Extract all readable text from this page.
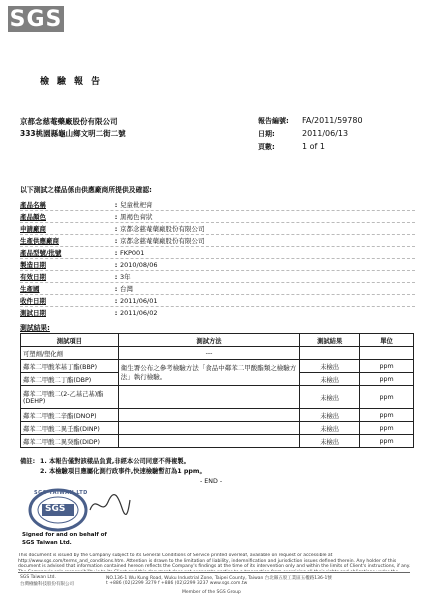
SGS
檢驗報告
京都念慈菴藥廠股份有限公司
333桃園縣龜山鄉文明二街二號
報告編號:	FA/2011/59780
日期:	2011/06/13
頁數:	1 of 1
以下測試之樣品係由供應廠商所提供及確認:
產品名稱	: 兒童枇杷膏
產品顏色	: 黑褐色膏狀
申請廠商	: 京都念慈菴藥廠股份有限公司
生產供應廠商	: 京都念慈菴藥廠股份有限公司
產品型號/批號	: FKP001
製造日期	: 2010/08/06
有效日期	: 3年
生產國	: 台灣
收件日期	: 2011/06/01
測試日期	: 2011/06/02
測試結果:
測試項目	測試方法	測試結果	單位
可塑劑/塑化劑	---		
鄰苯二甲酸苯基丁酯(BBP)	衛生署公布之參考檢驗方法「食品中鄰苯二甲酸酯類之檢驗方法」執行檢驗。	未檢出	ppm
鄰苯二甲酸二丁酯(DBP)		未檢出	ppm
鄰苯二甲酸二(2-乙基己基)酯(DEHP)		未檢出	ppm
鄰苯二甲酸二辛酯(DNOP)		未檢出	ppm
鄰苯二甲酸二異壬酯(DINP)		未檢出	ppm
鄰苯二甲酸二異癸酯(DIDP)		未檢出	ppm
備註: 1. 本報告僅對該樣品負責,非經本公司同意不得複製。
2. 本檢驗項目應屬化測行政事件,快速檢驗暫訂為1 ppm。
- END -
SGS TAIWAN LTD
SGS
Signed for and on behalf of
SGS Taiwan Ltd.
This document is issued by the Company subject to its General Conditions of Service printed overleaf, available on request or accessible at http://www.sgs.com/terms_and_conditions.htm. Attention is drawn to the limitation of liability, indemnification and jurisdiction issues defined therein. Any holder of this document is advised that information contained hereon reflects the Company's findings at the time of its intervention only and within the limits of Client's instructions, if any.
SGS Taiwan Ltd.
台灣檢驗科技股份有限公司
NO.136-1 Wu Kung Road, Wuku Industrial Zone, Taipei County, Taiwan 台北縣五股工業區五權路136-1號
t +886 (02)2299 3279 f +886 (02)2299 3237 www.sgs.com.tw
Member of the SGS Group
